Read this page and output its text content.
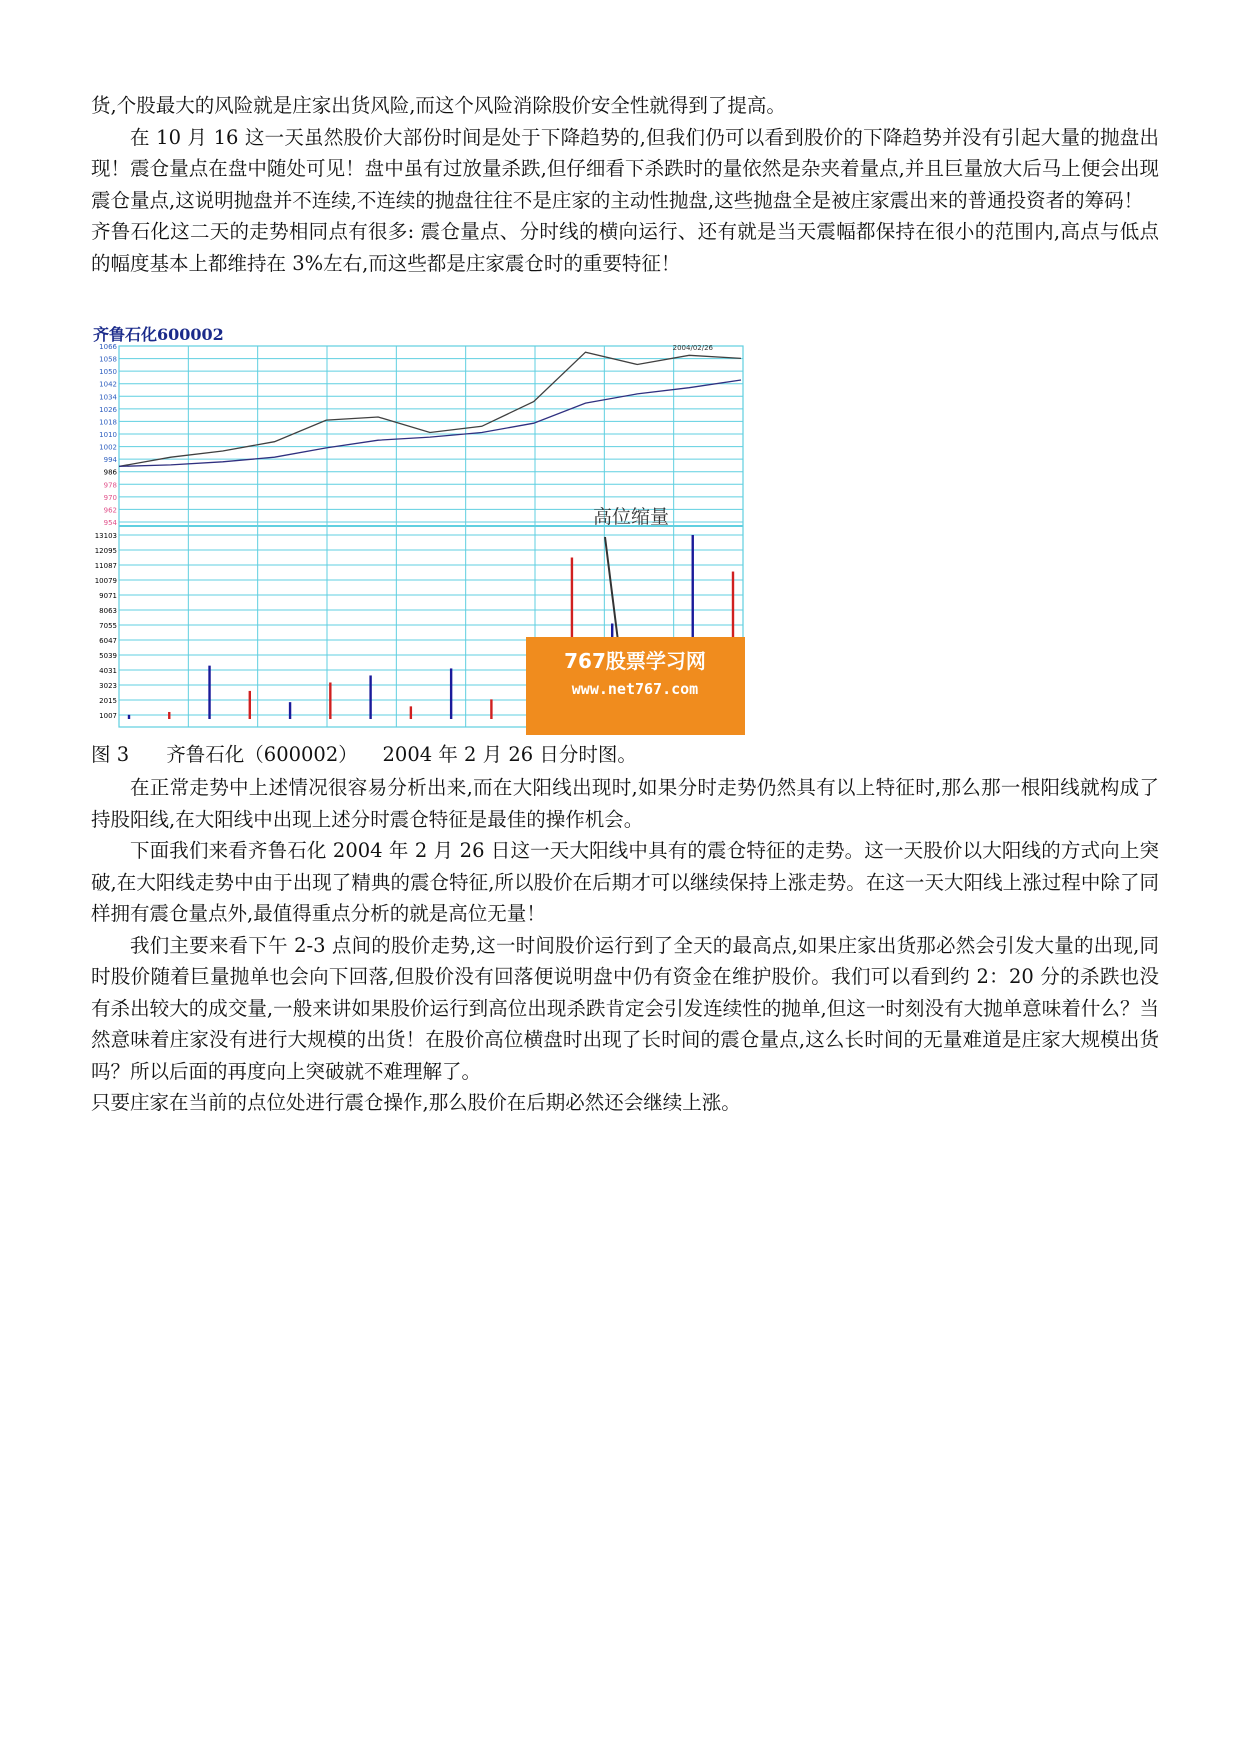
货,个股最大的风险就是庄家出货风险,而这个风险消除股价安全性就得到了提高。

在 10 月 16 这一天虽然股价大部份时间是处于下降趋势的,但我们仍可以看到股价的下降趋势并没有引起大量的抛盘出现！震仓量点在盘中随处可见！盘中虽有过放量杀跌,但仔细看下杀跌时的量依然是杂夹着量点,并且巨量放大后马上便会出现震仓量点,这说明抛盘并不连续,不连续的抛盘往往不是庄家的主动性抛盘,这些抛盘全是被庄家震出来的普通投资者的筹码！

齐鲁石化这二天的走势相同点有很多: 震仓量点、分时线的横向运行、还有就是当天震幅都保持在很小的范围内,高点与低点的幅度基本上都维持在 3%左右,而这些都是庄家震仓时的重要特征！

齐鲁石化600002
1066
1058
1050
1042
1034
1026
1018
1010
1002
994
986
978
970
962
954
13103
12095
11087
10079
9071
8063
7055
6047
5039
4031
3023
2015
1007
2004/02/26
高位缩量
767股票学习网
www.net767.com
图 3      齐鲁石化（600002）    2004 年 2 月 26 日分时图。

在正常走势中上述情况很容易分析出来,而在大阳线出现时,如果分时走势仍然具有以上特征时,那么那一根阳线就构成了持股阳线,在大阳线中出现上述分时震仓特征是最佳的操作机会。

下面我们来看齐鲁石化 2004 年 2 月 26 日这一天大阳线中具有的震仓特征的走势。这一天股价以大阳线的方式向上突破,在大阳线走势中由于出现了精典的震仓特征,所以股价在后期才可以继续保持上涨走势。在这一天大阳线上涨过程中除了同样拥有震仓量点外,最值得重点分析的就是高位无量！

我们主要来看下午 2-3 点间的股价走势,这一时间股价运行到了全天的最高点,如果庄家出货那必然会引发大量的出现,同时股价随着巨量抛单也会向下回落,但股价没有回落便说明盘中仍有资金在维护股价。我们可以看到约 2：20 分的杀跌也没有杀出较大的成交量,一般来讲如果股价运行到高位出现杀跌肯定会引发连续性的抛单,但这一时刻没有大抛单意味着什么？当然意味着庄家没有进行大规模的出货！在股价高位横盘时出现了长时间的震仓量点,这么长时间的无量难道是庄家大规模出货吗？所以后面的再度向上突破就不难理解了。

只要庄家在当前的点位处进行震仓操作,那么股价在后期必然还会继续上涨。
